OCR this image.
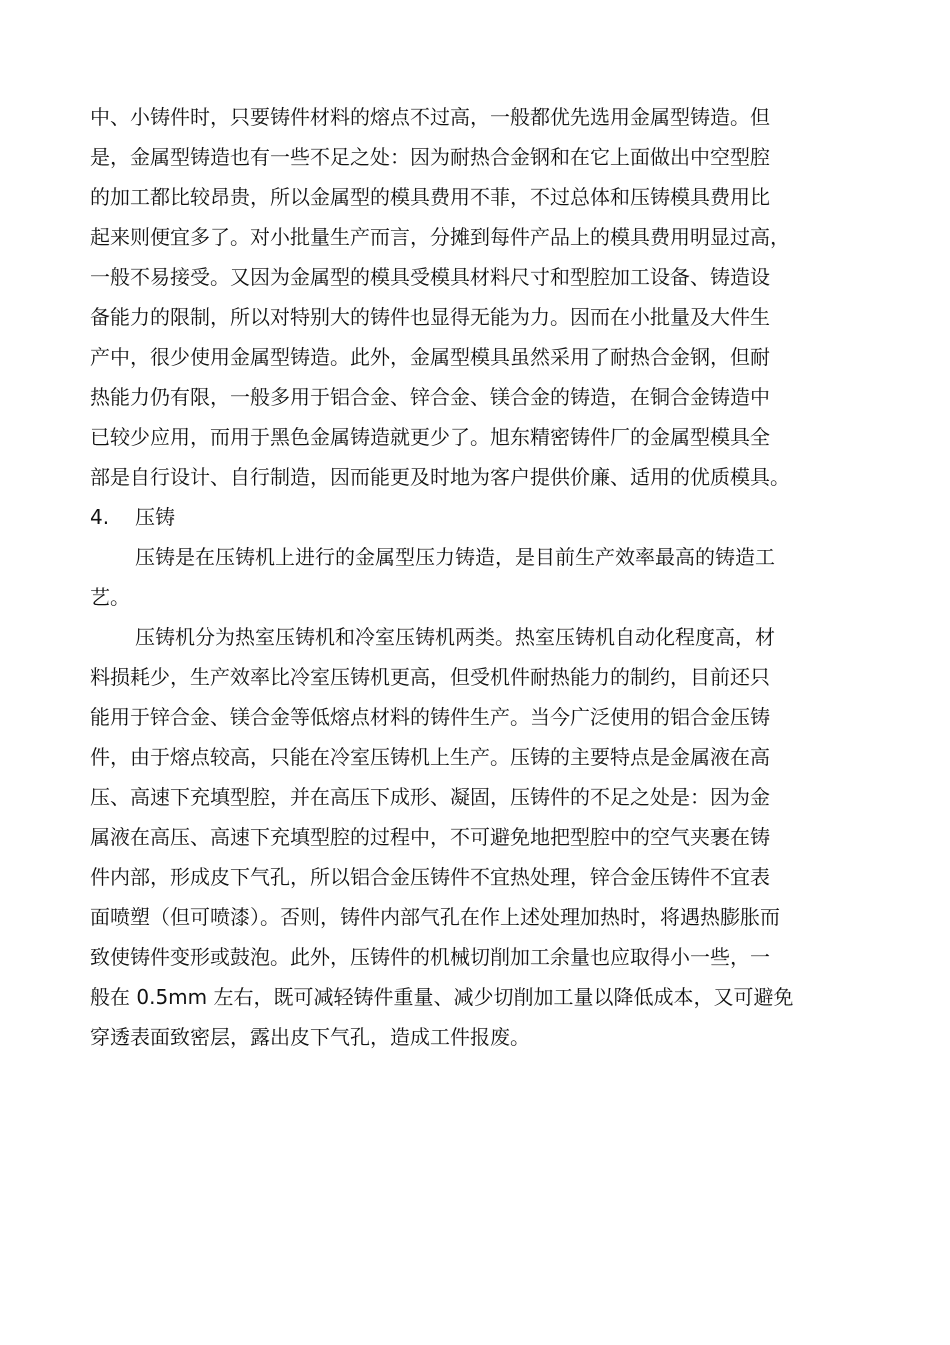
中、小铸件时，只要铸件材料的熔点不过高，一般都优先选用金属型铸造。但
是，金属型铸造也有一些不足之处：因为耐热合金钢和在它上面做出中空型腔
的加工都比较昂贵，所以金属型的模具费用不菲，不过总体和压铸模具费用比
起来则便宜多了。对小批量生产而言，分摊到每件产品上的模具费用明显过高，
一般不易接受。又因为金属型的模具受模具材料尺寸和型腔加工设备、铸造设
备能力的限制，所以对特别大的铸件也显得无能为力。因而在小批量及大件生
产中，很少使用金属型铸造。此外，金属型模具虽然采用了耐热合金钢，但耐
热能力仍有限，一般多用于铝合金、锌合金、镁合金的铸造，在铜合金铸造中
已较少应用，而用于黑色金属铸造就更少了。旭东精密铸件厂的金属型模具全
部是自行设计、自行制造，因而能更及时地为客户提供价廉、适用的优质模具。
4. 压铸
压铸是在压铸机上进行的金属型压力铸造，是目前生产效率最高的铸造工
艺。
压铸机分为热室压铸机和冷室压铸机两类。热室压铸机自动化程度高，材
料损耗少，生产效率比冷室压铸机更高，但受机件耐热能力的制约，目前还只
能用于锌合金、镁合金等低熔点材料的铸件生产。当今广泛使用的铝合金压铸
件，由于熔点较高，只能在冷室压铸机上生产。压铸的主要特点是金属液在高
压、高速下充填型腔，并在高压下成形、凝固，压铸件的不足之处是：因为金
属液在高压、高速下充填型腔的过程中，不可避免地把型腔中的空气夹裹在铸
件内部，形成皮下气孔，所以铝合金压铸件不宜热处理，锌合金压铸件不宜表
面喷塑（但可喷漆）。否则，铸件内部气孔在作上述处理加热时，将遇热膨胀而
致使铸件变形或鼓泡。此外，压铸件的机械切削加工余量也应取得小一些，一
般在 0.5mm 左右，既可减轻铸件重量、减少切削加工量以降低成本，又可避免
穿透表面致密层，露出皮下气孔，造成工件报废。
